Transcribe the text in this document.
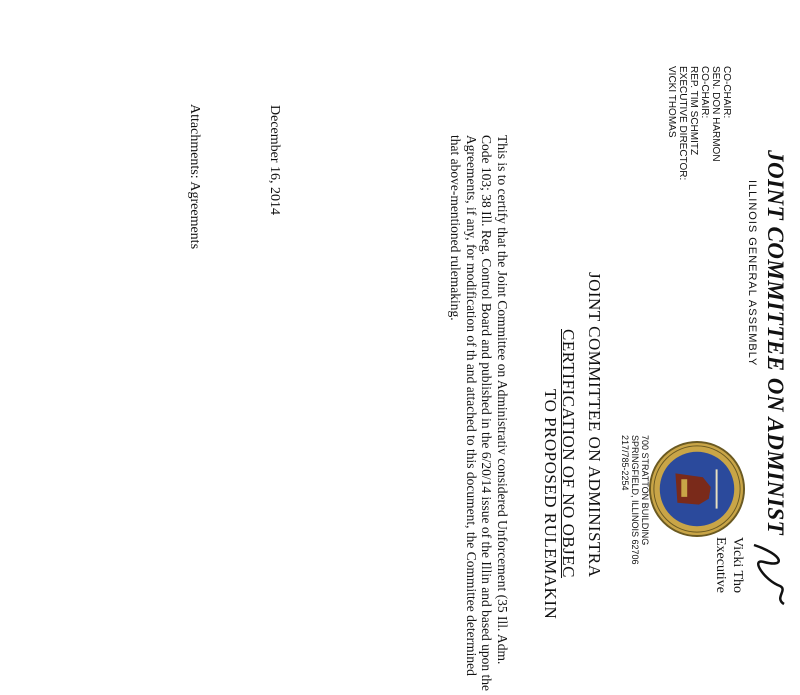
JOINT COMMITTEE ON ADMINIST
ILLINOIS GENERAL ASSEMBLY
CO-CHAIR:
SEN. DON HARMON
CO-CHAIR:
REP. TIM SCHMITZ
EXECUTIVE DIRECTOR:
VICKI THOMAS
700 STRATTON BUILDING
SPRINGFIELD, ILLINOIS 62706
217/785-2254
JOINT COMMITTEE ON ADMINISTRA
CERTIFICATION OF NO OBJEC
TO PROPOSED RULEMAKIN
This is to certify that the Joint Committee on Administrativ considered Unforcement (35 Ill. Adm. Code 103; 38 Ill. Reg. Control Board and published in the 6/20/14 issue of the Illin and based upon the Agreements, if any, for modification of th and attached to this document, the Committee determined that above-mentioned rulemaking.
December 16, 2014
Attachments: Agreements
Vicki Tho
Executive
